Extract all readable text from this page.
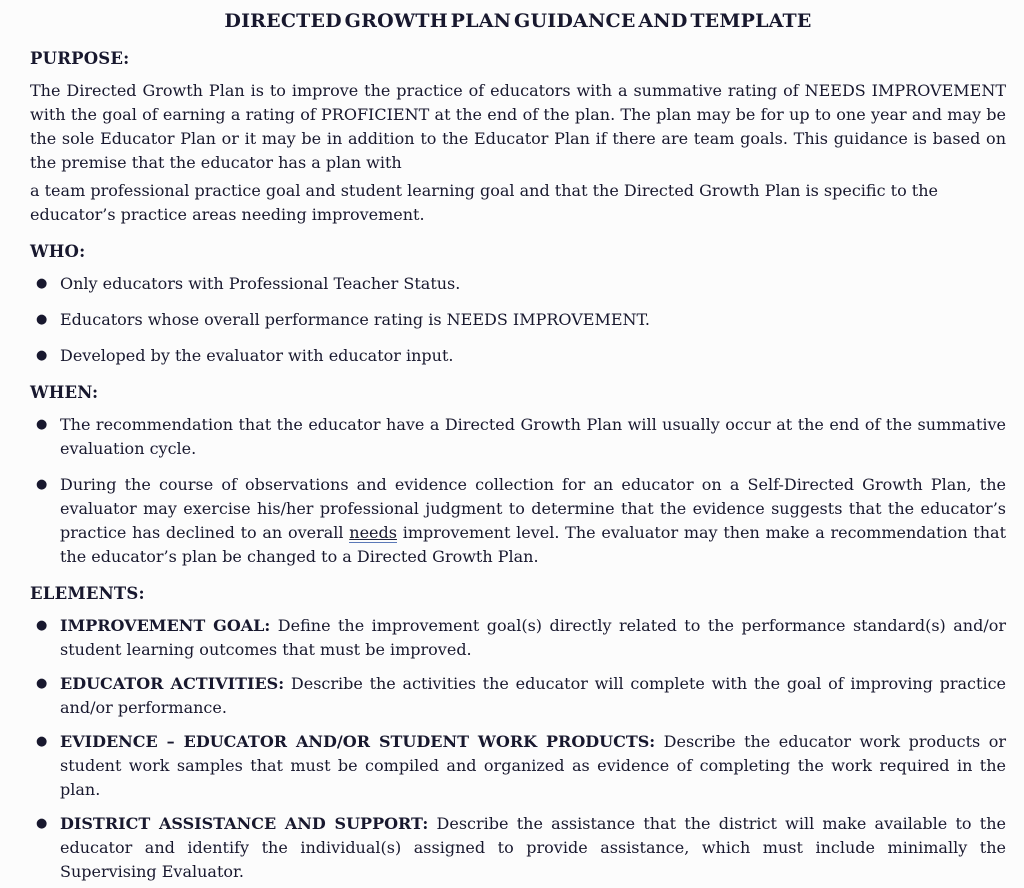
DIRECTED GROWTH PLAN GUIDANCE AND TEMPLATE
PURPOSE:

The Directed Growth Plan is to improve the practice of educators with a summative rating of NEEDS IMPROVEMENT with the goal of earning a rating of PROFICIENT at the end of the plan. The plan may be for up to one year and may be the sole Educator Plan or it may be in addition to the Educator Plan if there are team goals. This guidance is based on the premise that the educator has a plan with

a team professional practice goal and student learning goal and that the Directed Growth Plan is specific to the educator’s practice areas needing improvement.

WHO:
● Only educators with Professional Teacher Status.
● Educators whose overall performance rating is NEEDS IMPROVEMENT.
● Developed by the evaluator with educator input.
WHEN:
● The recommendation that the educator have a Directed Growth Plan will usually occur at the end of the summative evaluation cycle.
● During the course of observations and evidence collection for an educator on a Self-Directed Growth Plan, the evaluator may exercise his/her professional judgment to determine that the evidence suggests that the educator’s practice has declined to an overall needs improvement level. The evaluator may then make a recommendation that the educator’s plan be changed to a Directed Growth Plan.
ELEMENTS:
● IMPROVEMENT GOAL: Define the improvement goal(s) directly related to the performance standard(s) and/or student learning outcomes that must be improved.
● EDUCATOR ACTIVITIES: Describe the activities the educator will complete with the goal of improving practice and/or performance.
● EVIDENCE – EDUCATOR AND/OR STUDENT WORK PRODUCTS: Describe the educator work products or student work samples that must be compiled and organized as evidence of completing the work required in the plan.
● DISTRICT ASSISTANCE AND SUPPORT: Describe the assistance that the district will make available to the educator and identify the individual(s) assigned to provide assistance, which must include minimally the Supervising Evaluator.
